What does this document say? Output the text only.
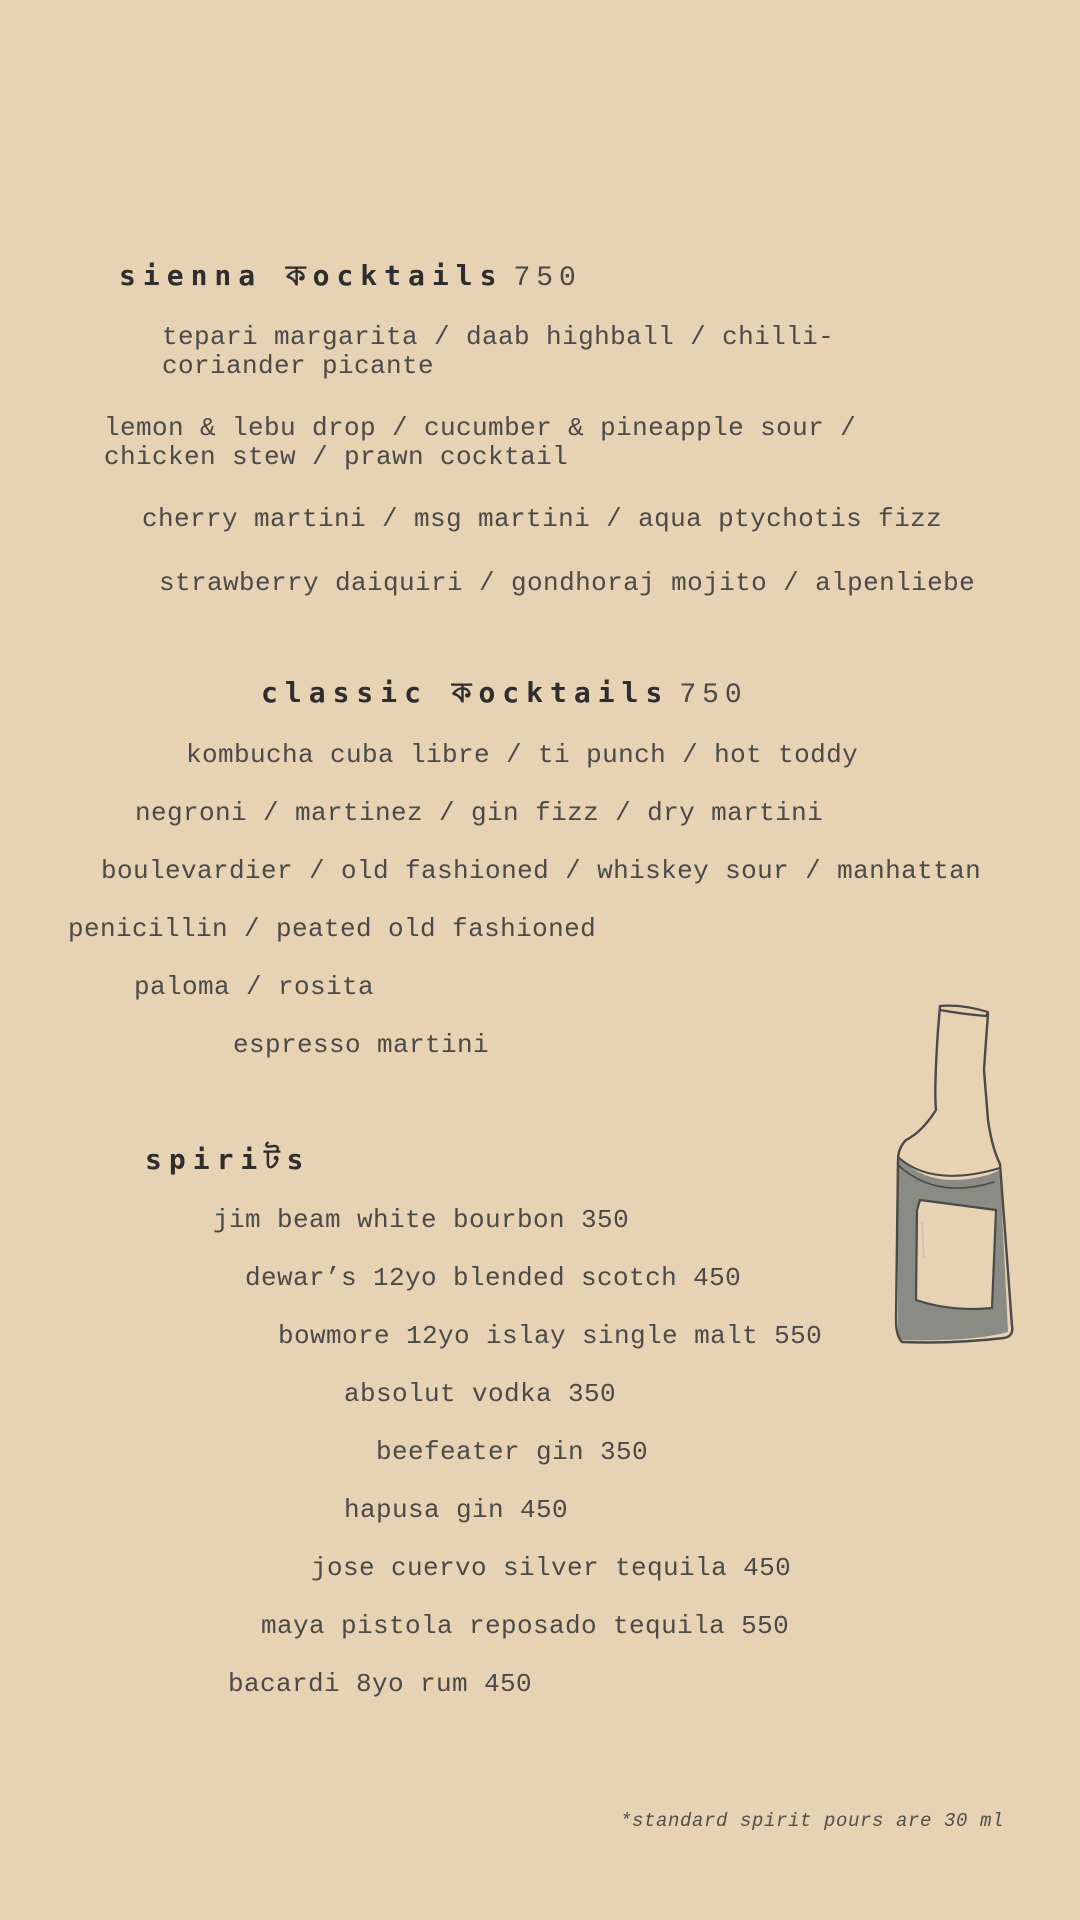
sienna কocktails 750
tepari margarita / daab highball / chilli-coriander picante
lemon & lebu drop / cucumber & pineapple sour / chicken stew / prawn cocktail
cherry martini / msg martini / aqua ptychotis fizz
strawberry daiquiri / gondhoraj mojito / alpenliebe
classic কocktails 750
kombucha cuba libre / ti punch / hot toddy
negroni / martinez / gin fizz / dry martini
boulevardier / old fashioned / whiskey sour / manhattan
penicillin / peated old fashioned
paloma / rosita
espresso martini
spiriটs
jim beam white bourbon 350
dewar’s 12yo blended scotch 450
bowmore 12yo islay single malt 550
absolut vodka 350
beefeater gin 350
hapusa gin 450
jose cuervo silver tequila 450
maya pistola reposado tequila 550
bacardi 8yo rum 450
*standard spirit pours are 30 ml
